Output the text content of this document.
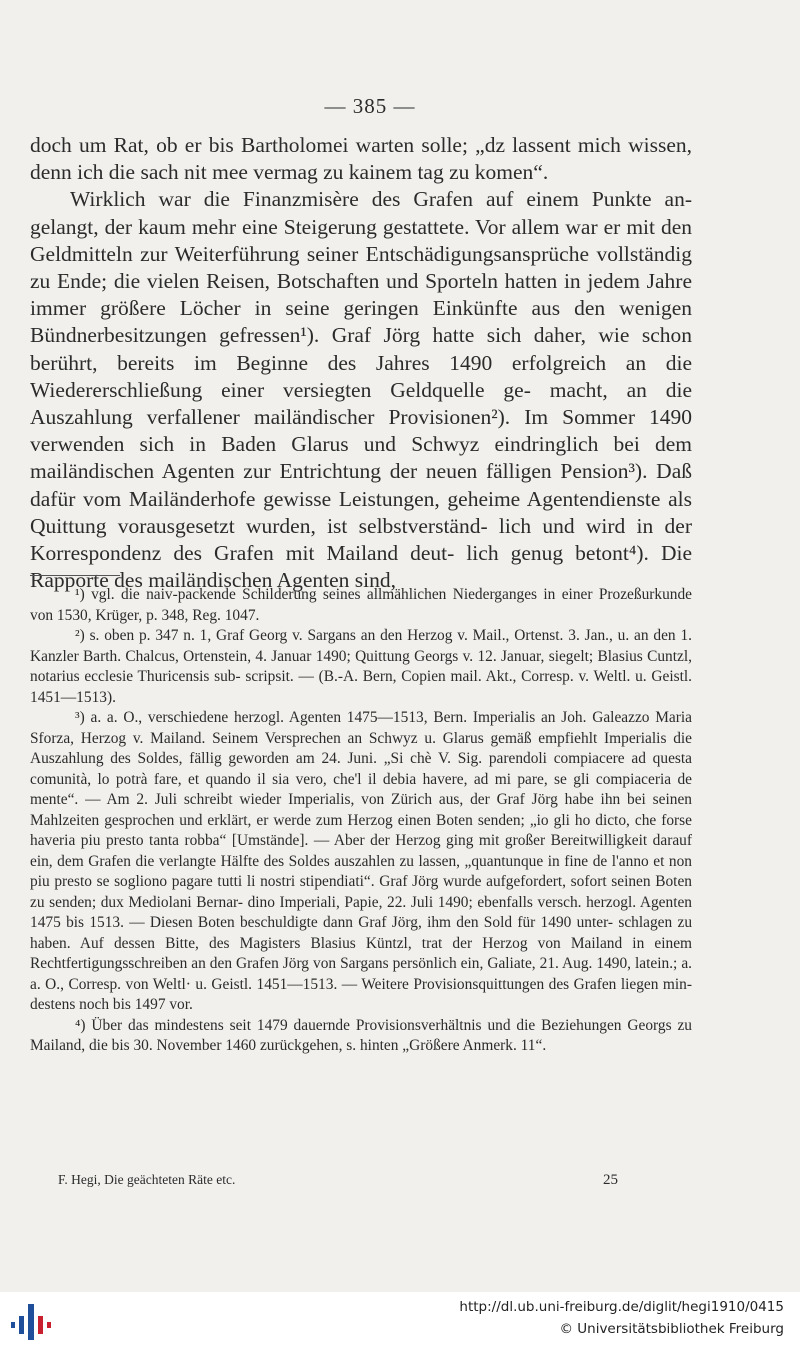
— 385 —

doch um Rat, ob er bis Bartholomei warten solle; „dz lassent mich wissen, denn ich die sach nit mee vermag zu kainem tag zu komen“.

Wirklich war die Finanzmisère des Grafen auf einem Punkte an- gelangt, der kaum mehr eine Steigerung gestattete. Vor allem war er mit den Geldmitteln zur Weiterführung seiner Entschädigungsansprüche vollständig zu Ende; die vielen Reisen, Botschaften und Sporteln hatten in jedem Jahre immer größere Löcher in seine geringen Einkünfte aus den wenigen Bündnerbesitzungen gefressen¹). Graf Jörg hatte sich daher, wie schon berührt, bereits im Beginne des Jahres 1490 erfolgreich an die Wiedererschließung einer versiegten Geldquelle ge- macht, an die Auszahlung verfallener mailändischer Provisionen²). Im Sommer 1490 verwenden sich in Baden Glarus und Schwyz eindringlich bei dem mailändischen Agenten zur Entrichtung der neuen fälligen Pension³). Daß dafür vom Mailänderhofe gewisse Leistungen, geheime Agentendienste als Quittung vorausgesetzt wurden, ist selbstverständ- lich und wird in der Korrespondenz des Grafen mit Mailand deut- lich genug betont⁴). Die Rapporte des mailändischen Agenten sind,

¹) vgl. die naiv-packende Schilderung seines allmählichen Niederganges in einer Prozeßurkunde von 1530, Krüger, p. 348, Reg. 1047.

²) s. oben p. 347 n. 1, Graf Georg v. Sargans an den Herzog v. Mail., Ortenst. 3. Jan., u. an den 1. Kanzler Barth. Chalcus, Ortenstein, 4. Januar 1490; Quittung Georgs v. 12. Januar, siegelt; Blasius Cuntzl, notarius ecclesie Thuricensis sub- scripsit. — (B.-A. Bern, Copien mail. Akt., Corresp. v. Weltl. u. Geistl. 1451—1513).

³) a. a. O., verschiedene herzogl. Agenten 1475—1513, Bern. Imperialis an Joh. Galeazzo Maria Sforza, Herzog v. Mailand. Seinem Versprechen an Schwyz u. Glarus gemäß empfiehlt Imperialis die Auszahlung des Soldes, fällig geworden am 24. Juni. „Si chè V. Sig. parendoli compiacere ad questa comunità, lo potrà fare, et quando il sia vero, che'l il debia havere, ad mi pare, se gli compiaceria de mente“. — Am 2. Juli schreibt wieder Imperialis, von Zürich aus, der Graf Jörg habe ihn bei seinen Mahlzeiten gesprochen und erklärt, er werde zum Herzog einen Boten senden; „io gli ho dicto, che forse haveria piu presto tanta robba“ [Umstände]. — Aber der Herzog ging mit großer Bereitwilligkeit darauf ein, dem Grafen die verlangte Hälfte des Soldes auszahlen zu lassen, „quantunque in fine de l'anno et non piu presto se sogliono pagare tutti li nostri stipendiati“. Graf Jörg wurde aufgefordert, sofort seinen Boten zu senden; dux Mediolani Bernar- dino Imperiali, Papie, 22. Juli 1490; ebenfalls versch. herzogl. Agenten 1475 bis 1513. — Diesen Boten beschuldigte dann Graf Jörg, ihm den Sold für 1490 unter- schlagen zu haben. Auf dessen Bitte, des Magisters Blasius Küntzl, trat der Herzog von Mailand in einem Rechtfertigungsschreiben an den Grafen Jörg von Sargans persönlich ein, Galiate, 21. Aug. 1490, latein.; a. a. O., Corresp. von Weltl· u. Geistl. 1451—1513. — Weitere Provisionsquittungen des Grafen liegen min- destens noch bis 1497 vor.

⁴) Über das mindestens seit 1479 dauernde Provisionsverhältnis und die Beziehungen Georgs zu Mailand, die bis 30. November 1460 zurückgehen, s. hinten „Größere Anmerk. 11“.

F. Hegi, Die geächteten Räte etc.	25
http://dl.ub.uni-freiburg.de/diglit/hegi1910/0415
© Universitätsbibliothek Freiburg
